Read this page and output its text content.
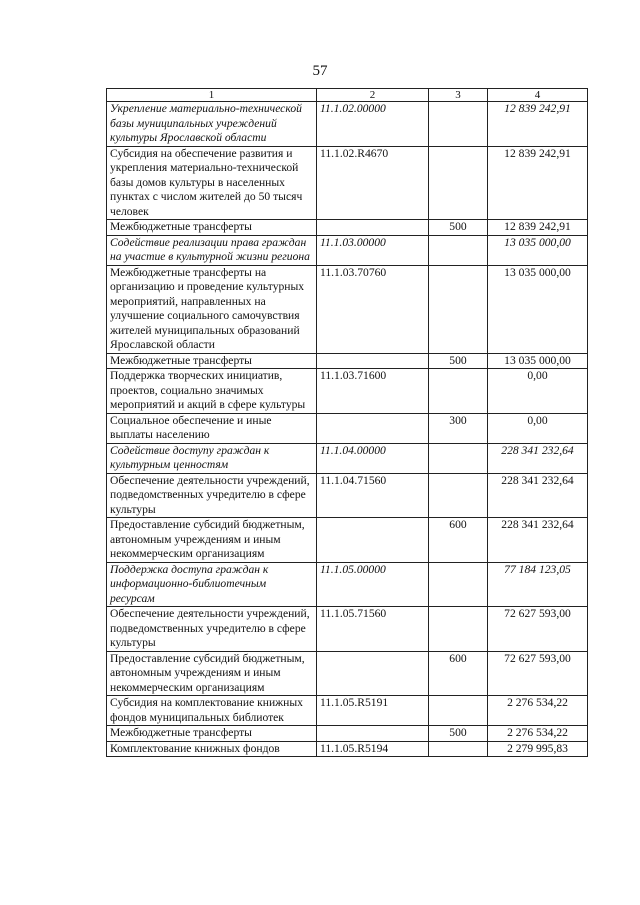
57
1	2	3	4
Укрепление материально-технической базы муниципальных учреждений культуры Ярославской области	11.1.02.00000		12 839 242,91
Субсидия на обеспечение развития и укрепления материально-технической базы домов культуры в населенных пунктах с числом жителей до 50 тысяч человек	11.1.02.R4670		12 839 242,91
Межбюджетные трансферты		500	12 839 242,91
Содействие реализации права граждан на участие в культурной жизни региона	11.1.03.00000		13 035 000,00
Межбюджетные трансферты на организацию и проведение культурных мероприятий, направленных на улучшение социального самочувствия жителей муниципальных образований Ярославской области	11.1.03.70760		13 035 000,00
Межбюджетные трансферты		500	13 035 000,00
Поддержка творческих инициатив, проектов, социально значимых мероприятий и акций в сфере культуры	11.1.03.71600		0,00
Социальное обеспечение и иные выплаты населению		300	0,00
Содействие доступу граждан к культурным ценностям	11.1.04.00000		228 341 232,64
Обеспечение деятельности учреждений, подведомственных учредителю в сфере культуры	11.1.04.71560		228 341 232,64
Предоставление субсидий бюджетным, автономным учреждениям и иным некоммерческим организациям		600	228 341 232,64
Поддержка доступа граждан к информационно-библиотечным ресурсам	11.1.05.00000		77 184 123,05
Обеспечение деятельности учреждений, подведомственных учредителю в сфере культуры	11.1.05.71560		72 627 593,00
Предоставление субсидий бюджетным, автономным учреждениям и иным некоммерческим организациям		600	72 627 593,00
Субсидия на комплектование книжных фондов муниципальных библиотек	11.1.05.R5191		2 276 534,22
Межбюджетные трансферты		500	2 276 534,22
Комплектование книжных фондов	11.1.05.R5194		2 279 995,83
